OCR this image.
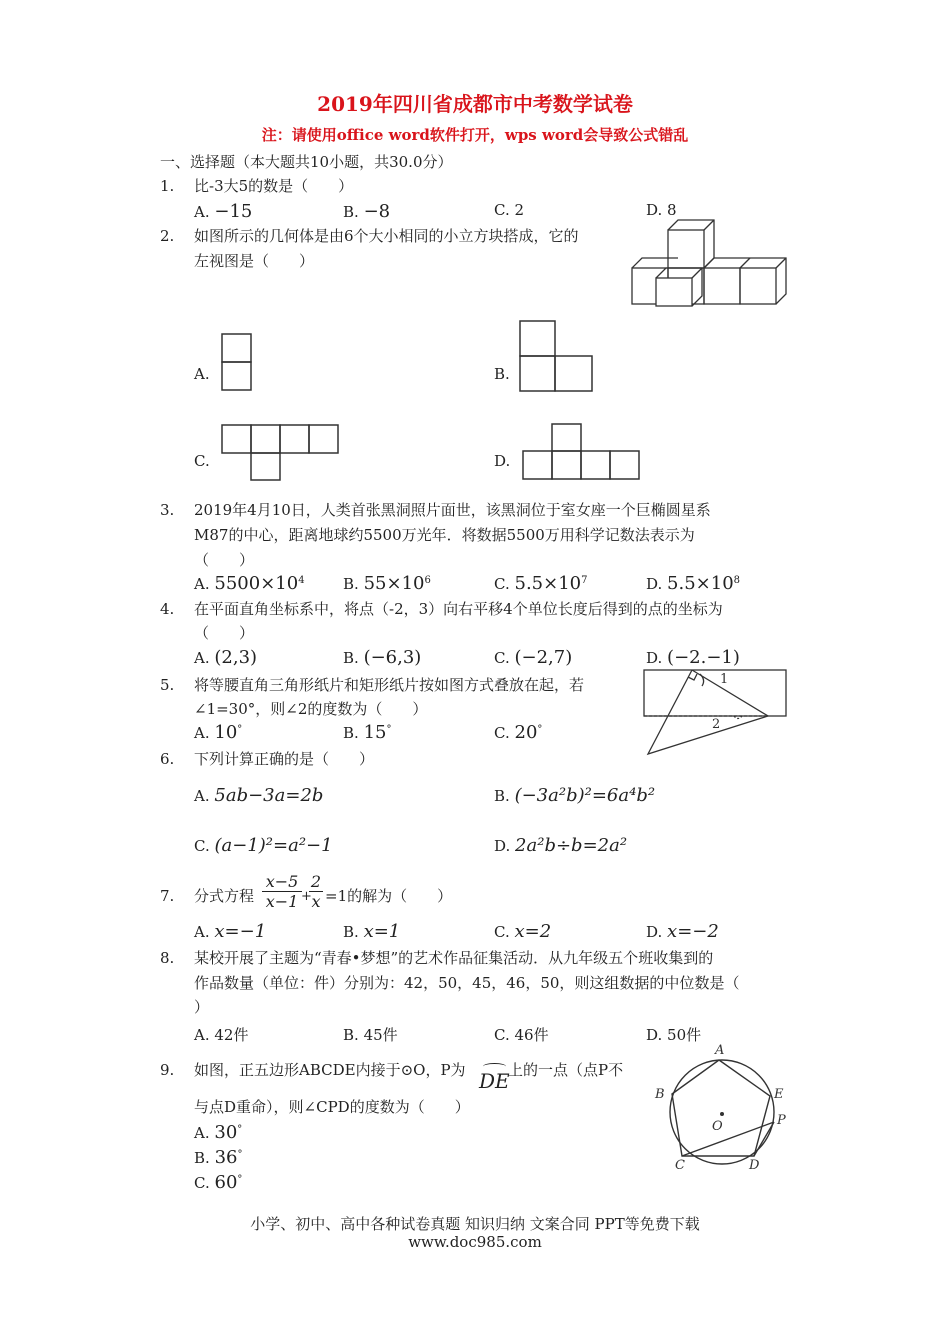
2019年四川省成都市中考数学试卷
注：请使用office word软件打开，wps word会导致公式错乱
一、选择题（本大题共10小题，共30.0分）
1. 比-3大5的数是（　　）
A. −15	B. −8	C. 2	D. 8
2. 如图所示的几何体是由6个大小相同的小立方块搭成，它的
左视图是（　　）
A.	B.
C.	D.
3. 2019年4月10日，人类首张黑洞照片面世，该黑洞位于室女座一个巨椭圆星系
M87的中心，距离地球约5500万光年．将数据5500万用科学记数法表示为
（　　）
A. $5500\times 10^4$	B. $55\times 10^6$	C. $5.5\times 10^7$	D. $5.5\times 10^8$
4. 在平面直角坐标系中，将点（-2，3）向右平移4个单位长度后得到的点的坐标为
（　　）
A. (2,3)	B. (−6,3)	C. (−2,7)	D. (−2.−1)
5. 将等腰直角三角形纸片和矩形纸片按如图方式叠放在起，若
∠1=30°，则∠2的度数为（　　）
A. 10°	B. 15°	C. 20°
1
2
6. 下列计算正确的是（　　）
A. 5ab−3a=2b	B. (−3a²b)²=6a⁴b²
C. (a−1)²=a²−1	D. 2a²b÷b=2a²
7. 分式方程
x−5
x−1 +
2
x =1的解为（　　）
A. x=−1	B. x=1	C. x=2	D. x=−2
8. 某校开展了主题为“青春•梦想”的艺术作品征集活动．从九年级五个班收集到的
作品数量（单位：件）分别为：42，50，45，46，50，则这组数据的中位数是（
）
A. 42件	B. 45件	C. 46件	D. 50件
9. 如图，正五边形ABCDE内接于⊙O，P为 DE
上的一点（点P不
与点D重命），则∠CPD的度数为（　　）
A. 30°
B. 36°
C. 60°
A
B	E
P
O
C	D
小学、初中、高中各种试卷真题 知识归纳 文案合同 PPT等免费下载
www.doc985.com
